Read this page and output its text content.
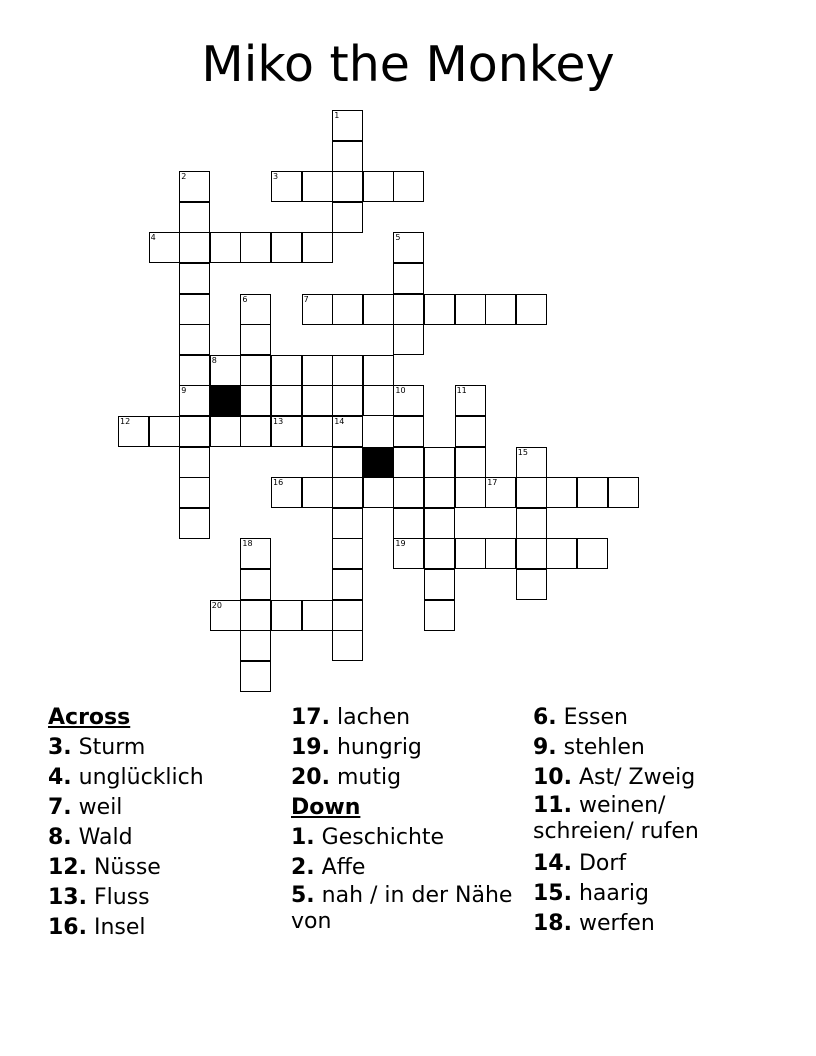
Miko the Monkey
1
2
9
3
4	5
6	7
8
10	11
12	13	14
16	17
15
19
18
20
Across
3. Sturm
4. unglücklich
7. weil
8. Wald
12. Nüsse
13. Fluss
16. Insel
17. lachen
19. hungrig
20. mutig
Down
1. Geschichte
2. Affe
5. nah / in der Nähe von
6. Essen
9. stehlen
10. Ast/ Zweig
11. weinen/ schreien/ rufen
14. Dorf
15. haarig
18. werfen
